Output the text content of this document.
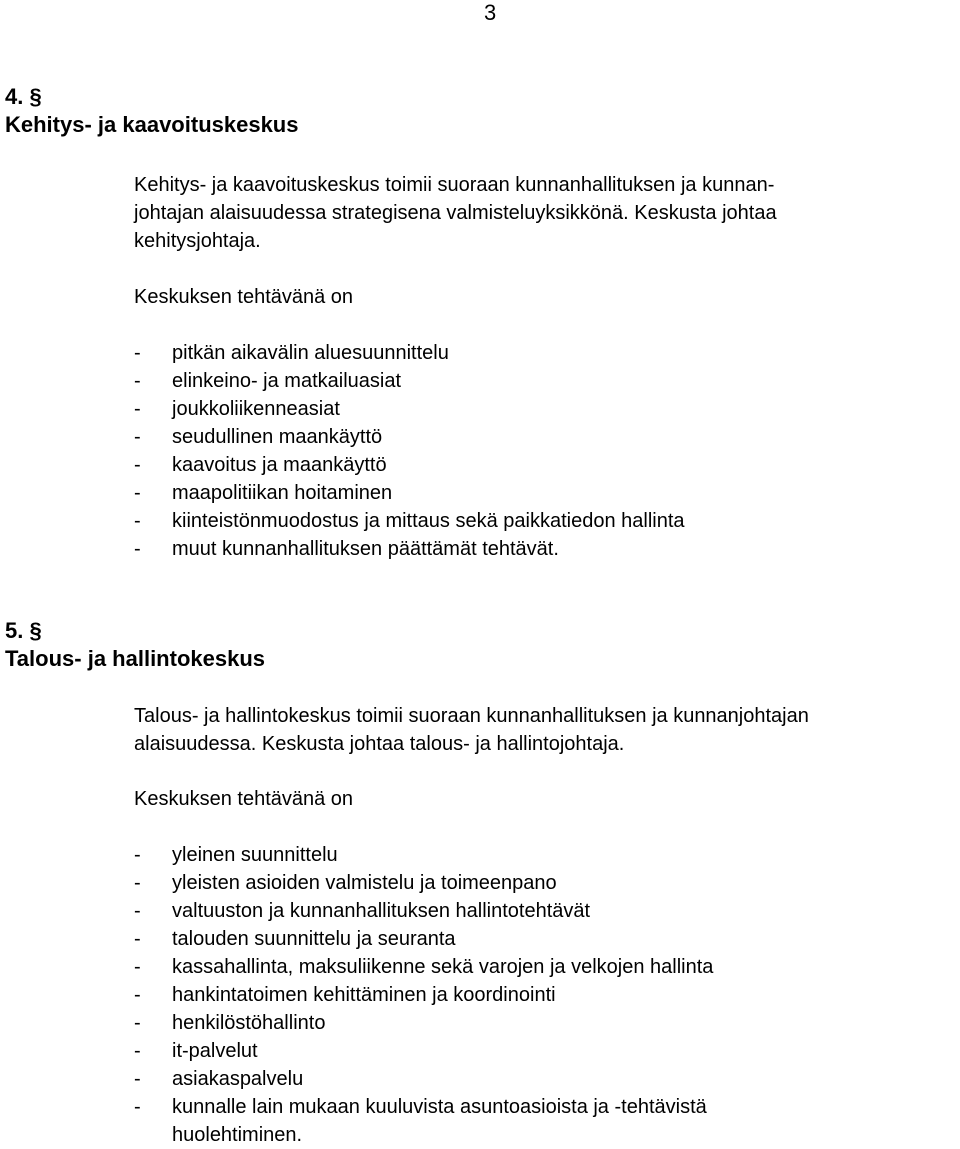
3
4. §
Kehitys- ja kaavoituskeskus
Kehitys- ja kaavoituskeskus toimii suoraan kunnanhallituksen ja kunnan-
johtajan alaisuudessa strategisena valmisteluyksikkönä. Keskusta johtaa
kehitysjohtaja.
Keskuksen tehtävänä on
-	pitkän aikavälin aluesuunnittelu
-	elinkeino- ja matkailuasiat
-	joukkoliikenneasiat
-	seudullinen maankäyttö
-	kaavoitus ja maankäyttö
-	maapolitiikan hoitaminen
-	kiinteistönmuodostus ja mittaus sekä paikkatiedon hallinta
-	muut kunnanhallituksen päättämät tehtävät.
5. §
Talous- ja hallintokeskus
Talous- ja hallintokeskus toimii suoraan kunnanhallituksen ja kunnanjohtajan
alaisuudessa. Keskusta johtaa talous- ja hallintojohtaja.
Keskuksen tehtävänä on
-	yleinen suunnittelu
-	yleisten asioiden valmistelu ja toimeenpano
-	valtuuston ja kunnanhallituksen hallintotehtävät
-	talouden suunnittelu ja seuranta
-	kassahallinta, maksuliikenne sekä varojen ja velkojen hallinta
-	hankintatoimen kehittäminen ja koordinointi
-	henkilöstöhallinto
-	it-palvelut
-	asiakaspalvelu
-	kunnalle lain mukaan kuuluvista asuntoasioista ja -tehtävistä
huolehtiminen.
